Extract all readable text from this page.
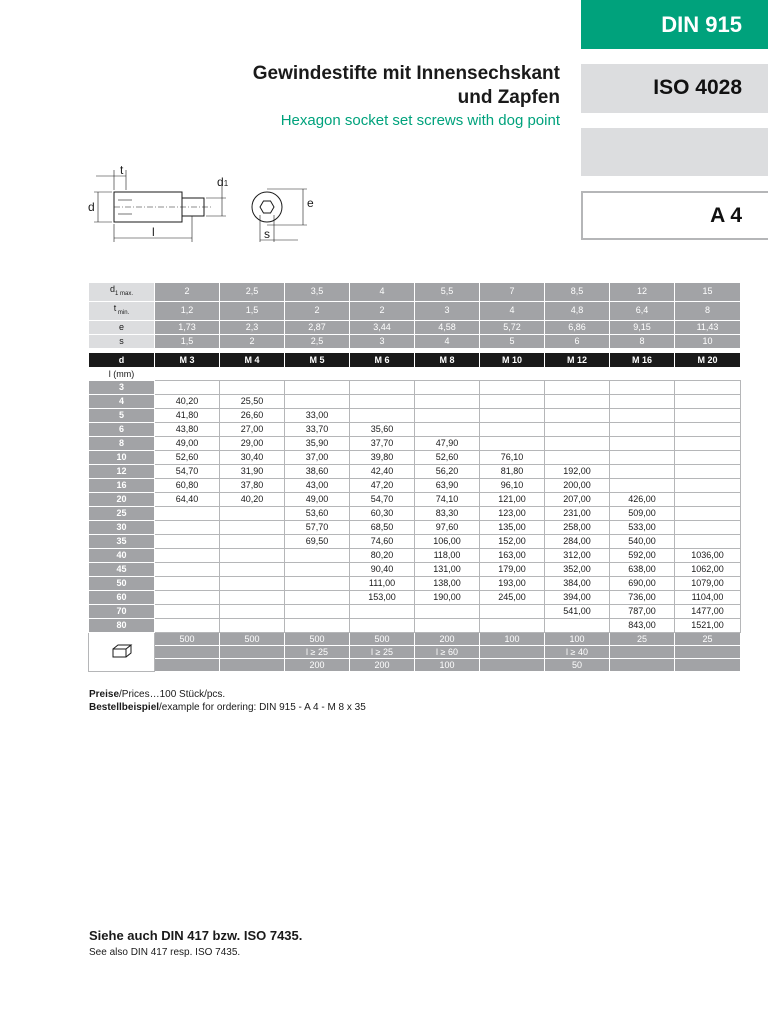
DIN 915
ISO 4028
A 4
Gewindestifte mit Innensechskant
und Zapfen
Hexagon socket set screws with dog point
t
d
d1
l
e
s
$d_{1 max.}$	2	2,5	3,5	4	5,5	7	8,5	12	15
t $_{min.}$	1,2	1,5	2	2	3	4	4,8	6,4	8
e	1,73	2,3	2,87	3,44	4,58	5,72	6,86	9,15	11,43
s	1,5	2	2,5	3	4	5	6	8	10
d	M 3	M 4	M 5	M 6	M 8	M 10	M 12	M 16	M 20
l (mm)									
3									
4	40,20	25,50							
5	41,80	26,60	33,00						
6	43,80	27,00	33,70	35,60					
8	49,00	29,00	35,90	37,70	47,90				
10	52,60	30,40	37,00	39,80	52,60	76,10			
12	54,70	31,90	38,60	42,40	56,20	81,80	192,00		
16	60,80	37,80	43,00	47,20	63,90	96,10	200,00		
20	64,40	40,20	49,00	54,70	74,10	121,00	207,00	426,00	
25			53,60	60,30	83,30	123,00	231,00	509,00	
30			57,70	68,50	97,60	135,00	258,00	533,00	
35			69,50	74,60	106,00	152,00	284,00	540,00	
40				80,20	118,00	163,00	312,00	592,00	1036,00
45				90,40	131,00	179,00	352,00	638,00	1062,00
50				111,00	138,00	193,00	384,00	690,00	1079,00
60				153,00	190,00	245,00	394,00	736,00	1104,00
70							541,00	787,00	1477,00
80								843,00	1521,00
	500	500	500	500	200	100	100	25	25
			l ≥ 25	l ≥ 25	l ≥ 60		l ≥ 40		
			200	200	100		50		
Preise/Prices…100 Stück/pcs.
Bestellbeispiel/example for ordering: DIN 915 - A 4 - M 8 x 35
Siehe auch DIN 417 bzw. ISO 7435.
See also DIN 417 resp. ISO 7435.
